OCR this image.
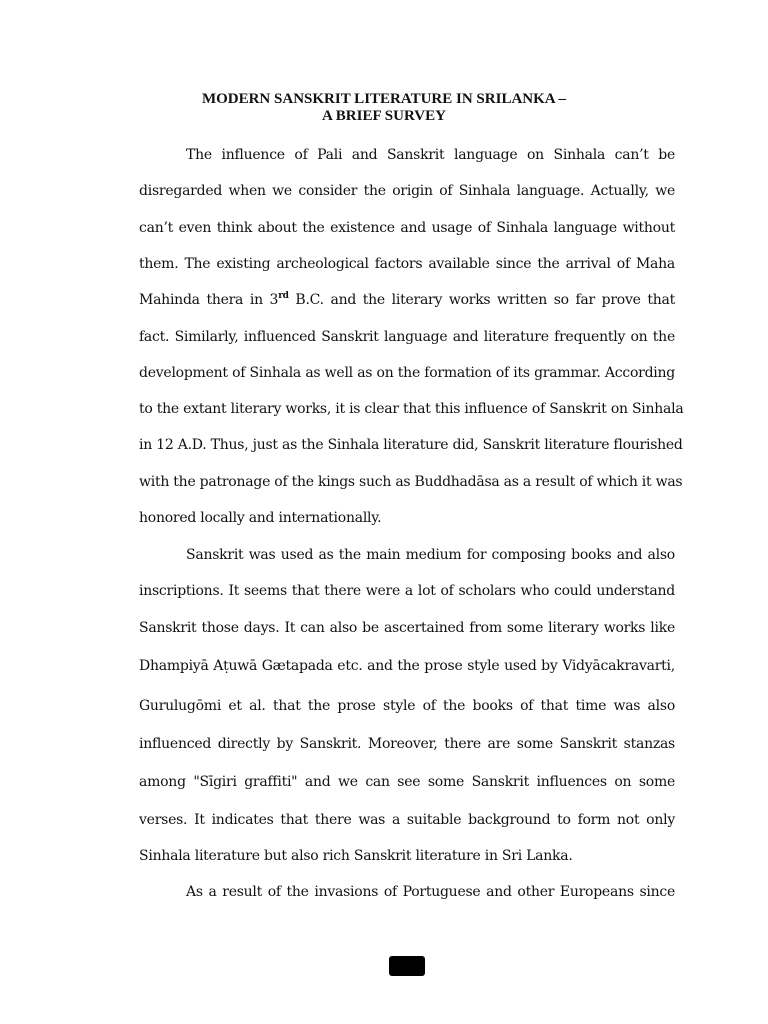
MODERN SANSKRIT LITERATURE IN SRILANKA –
A BRIEF SURVEY
The influence of Pali and Sanskrit language on Sinhala can’t be
disregarded when we consider the origin of Sinhala language. Actually, we
can’t even think about the existence and usage of Sinhala language without
them. The existing archeological factors available since the arrival of Maha
Mahinda thera in 3rd B.C. and the literary works written so far prove that
fact. Similarly, influenced Sanskrit language and literature frequently on the
development of Sinhala as well as on the formation of its grammar. According
to the extant literary works, it is clear that this influence of Sanskrit on Sinhala
in 12 A.D. Thus, just as the Sinhala literature did, Sanskrit literature flourished
with the patronage of the kings such as Buddhadāsa as a result of which it was
honored locally and internationally.
Sanskrit was used as the main medium for composing books and also
inscriptions. It seems that there were a lot of scholars who could understand
Sanskrit those days. It can also be ascertained from some literary works like
Dhampiyā Aṭuwā Gætapada etc. and the prose style used by Vidyācakravarti,
Gurulugōmi et al. that the prose style of the books of that time was also
influenced directly by Sanskrit. Moreover, there are some Sanskrit stanzas
among "Sīgiri graffiti" and we can see some Sanskrit influences on some
verses. It indicates that there was a suitable background to form not only
Sinhala literature but also rich Sanskrit literature in Sri Lanka.
As a result of the invasions of Portuguese and other Europeans since
